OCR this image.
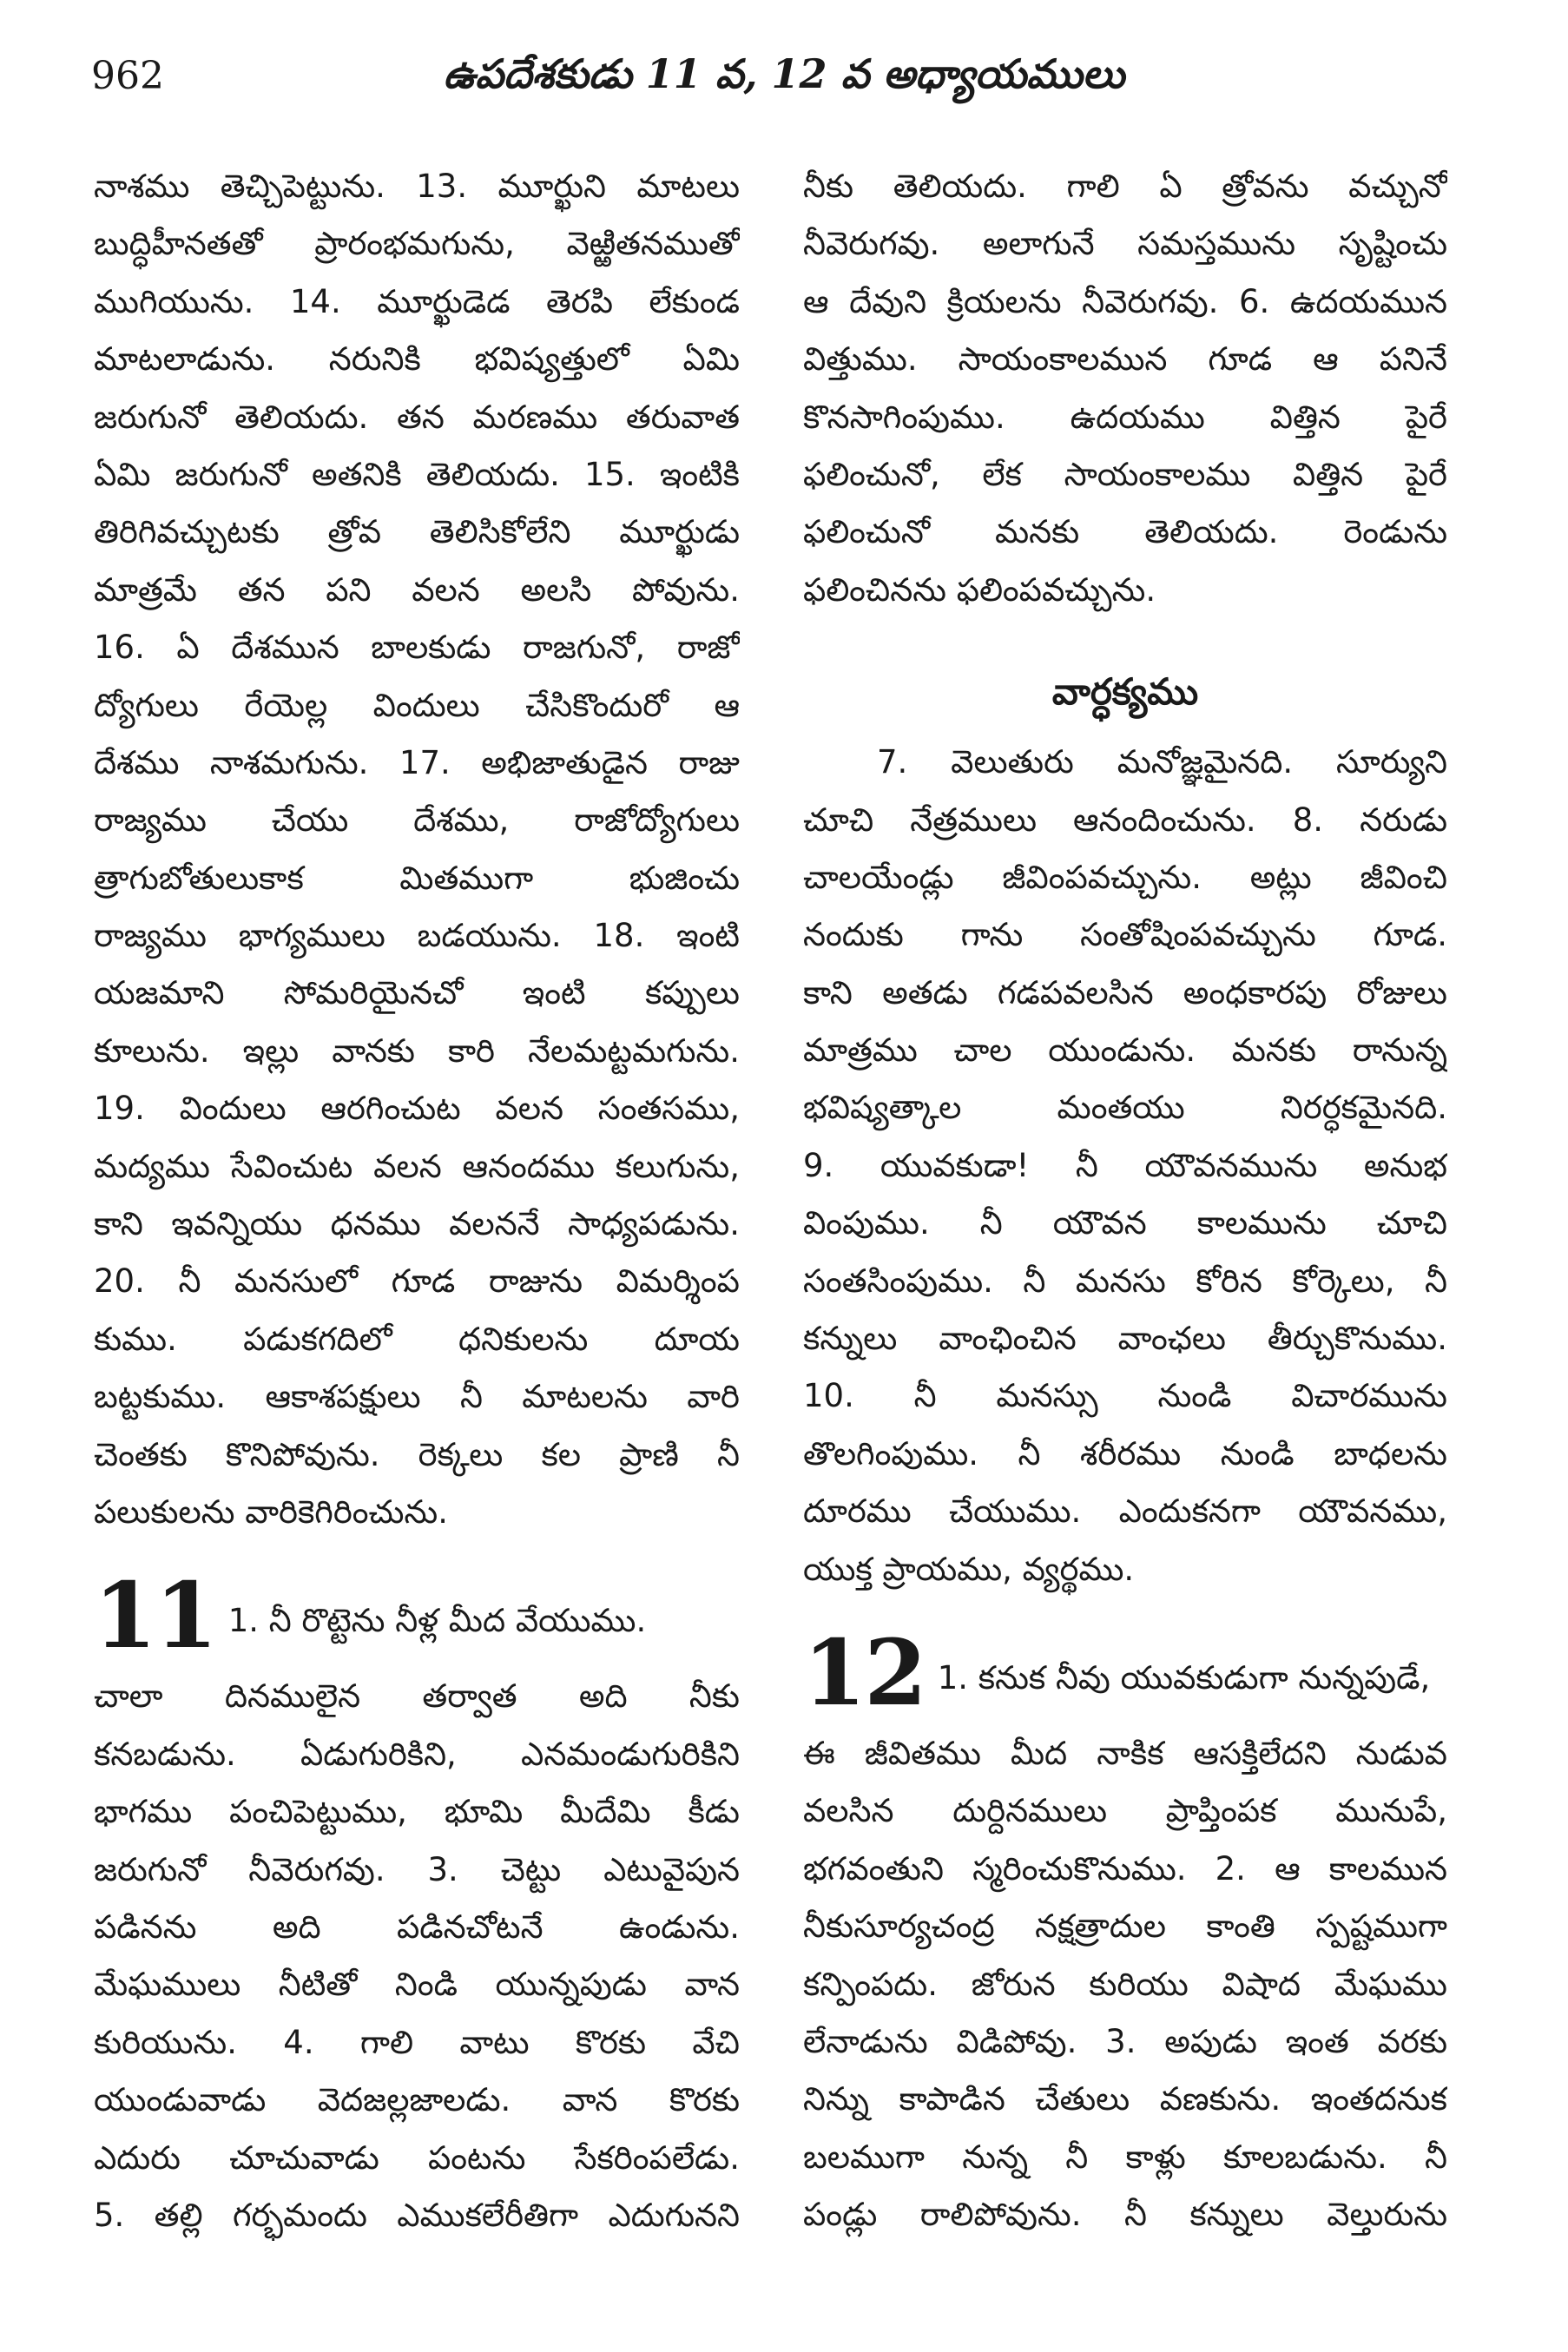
962	ఉపదేశకుడు 11 వ, 12 వ అధ్యాయములు
నాశము తెచ్చిపెట్టును. 13. మూర్ఖుని మాటలు
బుద్ధిహీనతతో ప్రారంభమగును, వెఱ్ఱితనముతో
ముగియును. 14. మూర్ఖుడెడ తెరపి లేకుండ
మాటలాడును. నరునికి భవిష్యత్తులో ఏమి
జరుగునో తెలియదు. తన మరణము తరువాత
ఏమి జరుగునో అతనికి తెలియదు. 15. ఇంటికి
తిరిగివచ్చుటకు త్రోవ తెలిసికోలేని మూర్ఖుడు
మాత్రమే తన పని వలన అలసి పోవును.
16. ఏ దేశమున బాలకుడు రాజగునో, రాజో
ద్యోగులు రేయెల్ల విందులు చేసికొందురో ఆ
దేశము నాశమగును. 17. అభిజాతుడైన రాజు
రాజ్యము చేయు దేశము, రాజోద్యోగులు
త్రాగుబోతులుకాక మితముగా భుజించు
రాజ్యము భాగ్యములు బడయును. 18. ఇంటి
యజమాని సోమరియైనచో ఇంటి కప్పులు
కూలును. ఇల్లు వానకు కారి నేలమట్టమగును.
19. విందులు ఆరగించుట వలన సంతసము,
మద్యము సేవించుట వలన ఆనందము కలుగును,
కాని ఇవన్నియు ధనము వలననే సాధ్యపడును.
20. నీ మనసులో గూడ రాజును విమర్శింప
కుము. పడుకగదిలో ధనికులను దూయ
బట్టకుము. ఆకాశపక్షులు నీ మాటలను వారి
చెంతకు కొనిపోవును. రెక్కలు కల ప్రాణి నీ
పలుకులను వారికెగిరించును.
11 1. నీ రొట్టెను నీళ్ల మీద వేయుము.
చాలా దినములైన తర్వాత అది నీకు
కనబడును. ఏడుగురికిని, ఎనమండుగురికిని
భాగము పంచిపెట్టుము, భూమి మీదేమి కీడు
జరుగునో నీవెరుగవు. 3. చెట్టు ఎటువైపున
పడినను అది పడినచోటనే ఉండును.
మేఘములు నీటితో నిండి యున్నపుడు వాన
కురియును. 4. గాలి వాటు కొరకు వేచి
యుండువాడు వెదజల్లజాలడు. వాన కొరకు
ఎదురు చూచువాడు పంటను సేకరింపలేడు.
5. తల్లి గర్భమందు ఎముకలేరీతిగా ఎదుగునని
నీకు తెలియదు. గాలి ఏ త్రోవను వచ్చునో
నీవెరుగవు. అలాగునే సమస్తమును సృష్టించు
ఆ దేవుని క్రియలను నీవెరుగవు. 6. ఉదయమున
విత్తుము. సాయంకాలమున గూడ ఆ పనినే
కొనసాగింపుము. ఉదయము విత్తిన పైరే
ఫలించునో, లేక సాయంకాలము విత్తిన పైరే
ఫలించునో మనకు తెలియదు. రెండును
ఫలించినను ఫలింపవచ్చును.
వార్ధక్యము
7. వెలుతురు మనోజ్ఞమైనది. సూర్యుని
చూచి నేత్రములు ఆనందించును. 8. నరుడు
చాలయేండ్లు జీవింపవచ్చును. అట్లు జీవించి
నందుకు గాను సంతోషింపవచ్చును గూడ.
కాని అతడు గడపవలసిన అంధకారపు రోజులు
మాత్రము చాల యుండును. మనకు రానున్న
భవిష్యత్కాల మంతయు నిరర్ధకమైనది.
9. యువకుడా! నీ యౌవనమును అనుభ
వింపుము. నీ యౌవన కాలమును చూచి
సంతసింపుము. నీ మనసు కోరిన కోర్కెలు, నీ
కన్నులు వాంఛించిన వాంఛలు తీర్చుకొనుము.
10. నీ మనస్సు నుండి విచారమును
తొలగింపుము. నీ శరీరము నుండి బాధలను
దూరము చేయుము. ఎందుకనగా యౌవనము,
యుక్త ప్రాయము, వ్యర్థము.
12 1. కనుక నీవు యువకుడుగా నున్నపుడే,
ఈ జీవితము మీద నాకిక ఆసక్తిలేదని నుడువ
వలసిన దుర్దినములు ప్రాప్తింపక మునుపే,
భగవంతుని స్మరించుకొనుము. 2. ఆ కాలమున
నీకుసూర్యచంద్ర నక్షత్రాదుల కాంతి స్పష్టముగా
కన్పింపదు. జోరున కురియు విషాద మేఘము
లేనాడును విడిపోవు. 3. అపుడు ఇంత వరకు
నిన్ను కాపాడిన చేతులు వణకును. ఇంతదనుక
బలముగా నున్న నీ కాళ్లు కూలబడును. నీ
పండ్లు రాలిపోవును. నీ కన్నులు వెల్తురును
